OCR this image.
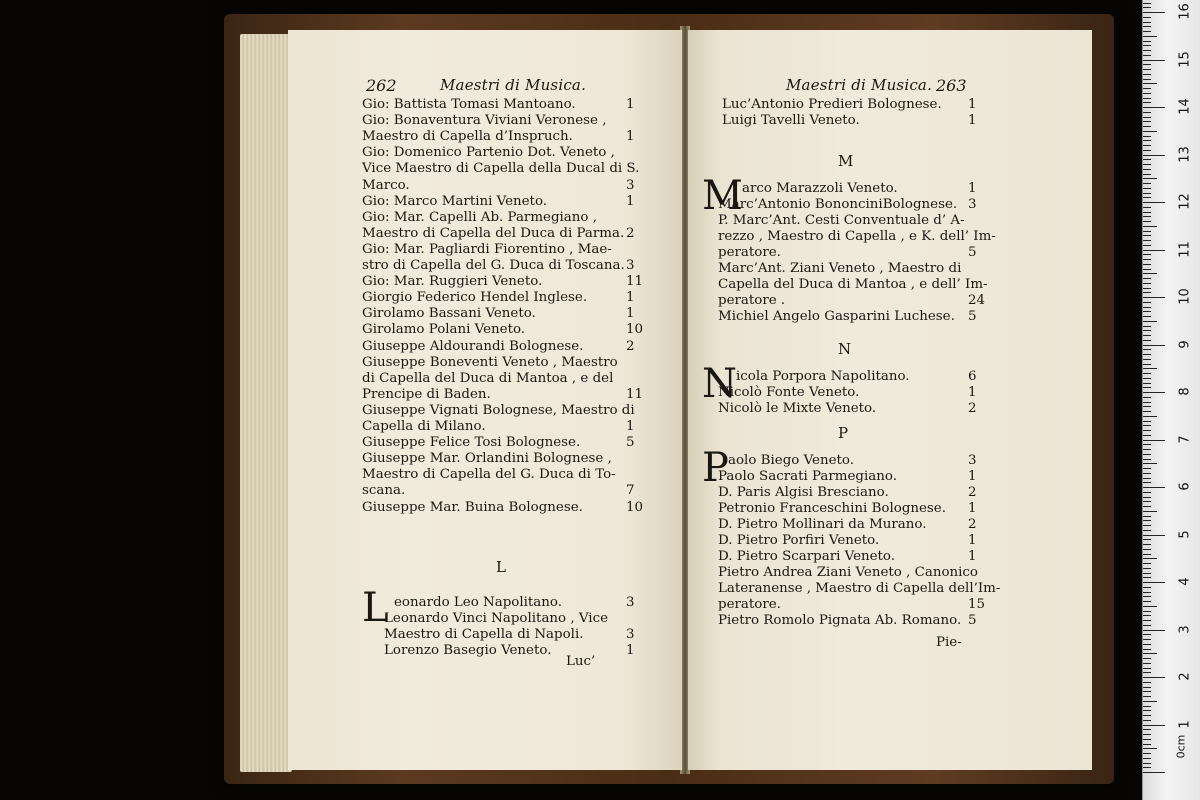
262	Maestri di Musica.
Gio: Battista Tomasi Mantoano.	1
Gio: Bonaventura Viviani Veronese ,
Maestro di Capella d’Inspruch.	1
Gio: Domenico Partenio Dot. Veneto ,
Vice Maestro di Capella della Ducal di S.
Marco.	3
Gio: Marco Martini Veneto.	1
Gio: Mar. Capelli Ab. Parmegiano ,
Maestro di Capella del Duca di Parma. 2
Gio: Mar. Pagliardi Fiorentino , Mae-
stro di Capella del G. Duca di Toscana. 3
Gio: Mar. Ruggieri Veneto.	11
Giorgio Federico Hendel Inglese.	1
Girolamo Bassani Veneto.	1
Girolamo Polani Veneto.	10
Giuseppe Aldourandi Bolognese.	2
Giuseppe Boneventi Veneto , Maestro
di Capella del Duca di Mantoa , e del
Prencipe di Baden.	11
Giuseppe Vignati Bolognese, Maestro di
Capella di Milano.	1
Giuseppe Felice Tosi Bolognese.	5
Giuseppe Mar. Orlandini Bolognese ,
Maestro di Capella del G. Duca di To-
scana.	7
Giuseppe Mar. Buina Bolognese.	10
L
L eonardo Leo Napolitano.	3
Leonardo Vinci Napolitano , Vice
Maestro di Capella di Napoli.	3
Lorenzo Basegio Veneto.	1
Luc’
Maestri di Musica. 263
Luc’Antonio Predieri Bolognese. 1
Luigi Tavelli Veneto.	1
M
M arco Marazzoli Veneto.	1
Marc’Antonio BononciniBolognese. 3
P. Marc’Ant. Cesti Conventuale d’ A-
rezzo , Maestro di Capella , e K. dell’ Im-
peratore.	5
Marc’Ant. Ziani Veneto , Maestro di
Capella del Duca di Mantoa , e dell’ Im-
peratore .	24
Michiel Angelo Gasparini Luchese. 5
N
N icola Porpora Napolitano.	6
Nicolò Fonte Veneto.	1
Nicolò le Mixte Veneto.	2
P
P aolo Biego Veneto.	3
Paolo Sacrati Parmegiano.	1
D. Paris Algisi Bresciano.	2
Petronio Franceschini Bolognese. 1
D. Pietro Mollinari da Murano.	2
D. Pietro Porfiri Veneto.	1
D. Pietro Scarpari Veneto.	1
Pietro Andrea Ziani Veneto , Canonico
Lateranense , Maestro di Capella dell’Im-
peratore.	15
Pietro Romolo Pignata Ab. Romano. 5
Pie-
0cm
16
15
14
13
12
11
10
9
8
7
6
5
4
3
2
1
